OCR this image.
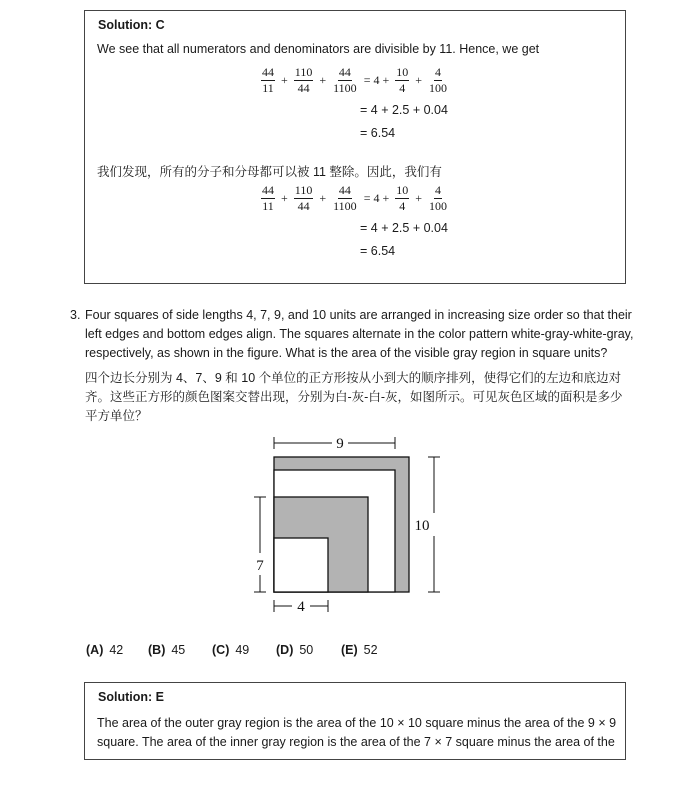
Solution: C
We see that all numerators and denominators are divisible by 11. Hence, we get
$\frac{44}{11} + \frac{110}{44} + \frac{44}{1100} = 4 + \frac{10}{4} + \frac{4}{100}$
= 4 + 2.5 + 0.04
= 6.54
我们发现，所有的分子和分母都可以被 11 整除。因此，我们有
$\frac{44}{11} + \frac{110}{44} + \frac{44}{1100} = 4 + \frac{10}{4} + \frac{4}{100}$
= 4 + 2.5 + 0.04
= 6.54
3. Four squares of side lengths 4, 7, 9, and 10 units are arranged in increasing size order so that their
left edges and bottom edges align. The squares alternate in the color pattern white-gray-white-gray,
respectively, as shown in the figure. What is the area of the visible gray region in square units?
四个边长分别为 4、7、9 和 10 个单位的正方形按从小到大的顺序排列，使得它们的左边和底边对
齐。这些正方形的颜色图案交替出现，分别为白-灰-白-灰，如图所示。可见灰色区域的面积是多少
平方单位？
9
10
7
4
(A) 42 (B) 45 (C) 49 (D) 50 (E) 52
Solution: E
The area of the outer gray region is the area of the 10 × 10 square minus the area of the 9 × 9
square. The area of the inner gray region is the area of the 7 × 7 square minus the area of the
